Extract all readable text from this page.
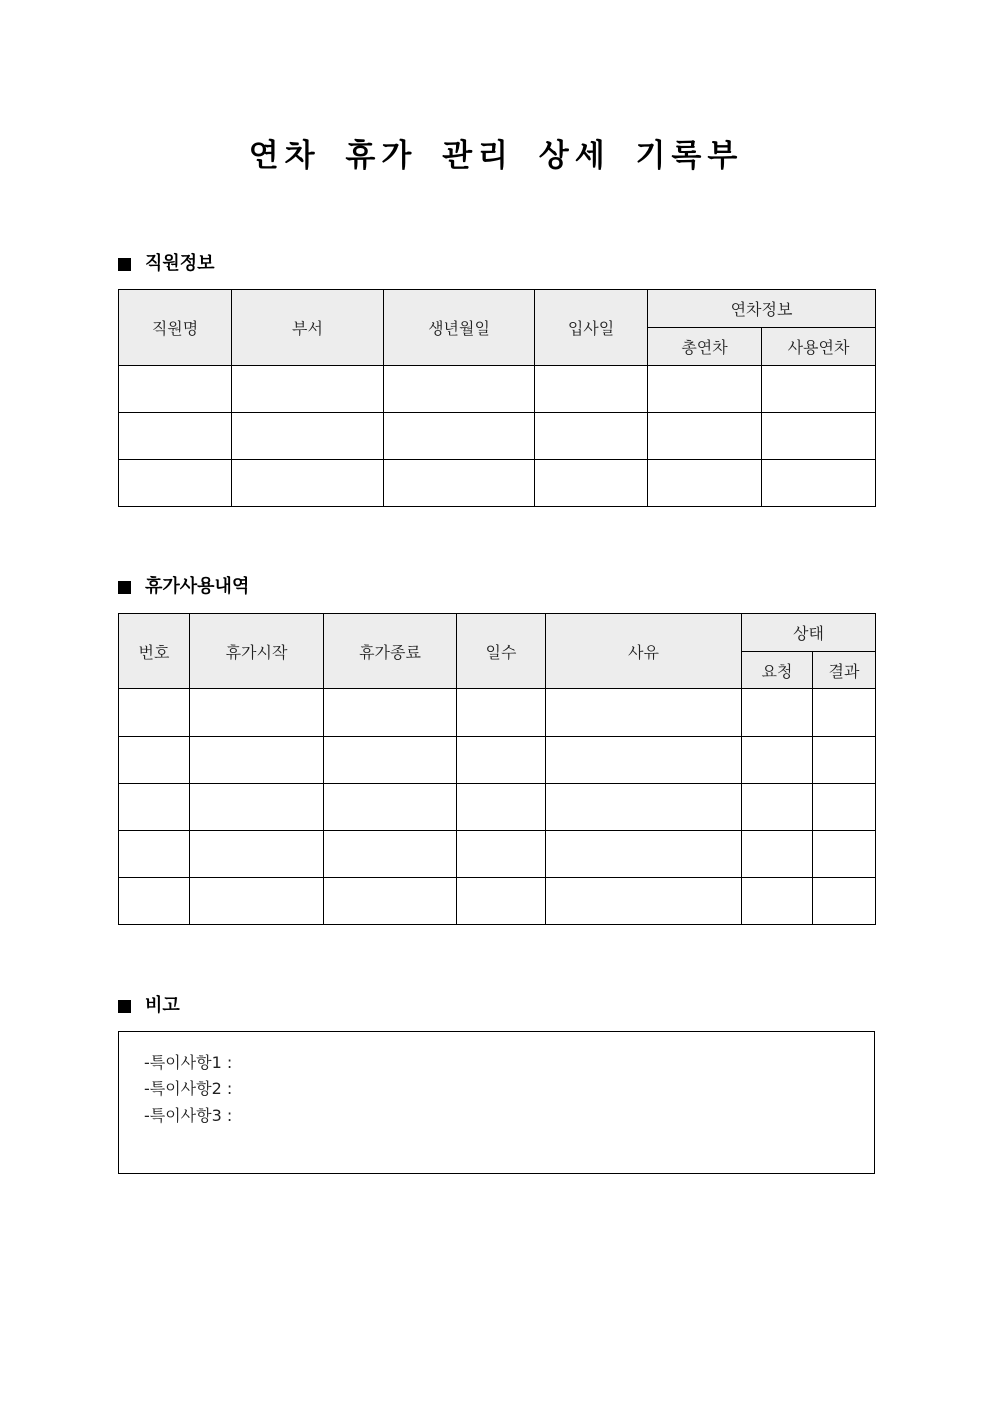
연차 휴가 관리 상세 기록부
직원정보
직원명	부서	생년월일	입사일	연차정보	
				총연차	사용연차

휴가사용내역
번호	휴가시작	휴가종료	일수	사유	상태	
					요청	결과

비고
-특이사항1 :
-특이사항2 :
-특이사항3 :
